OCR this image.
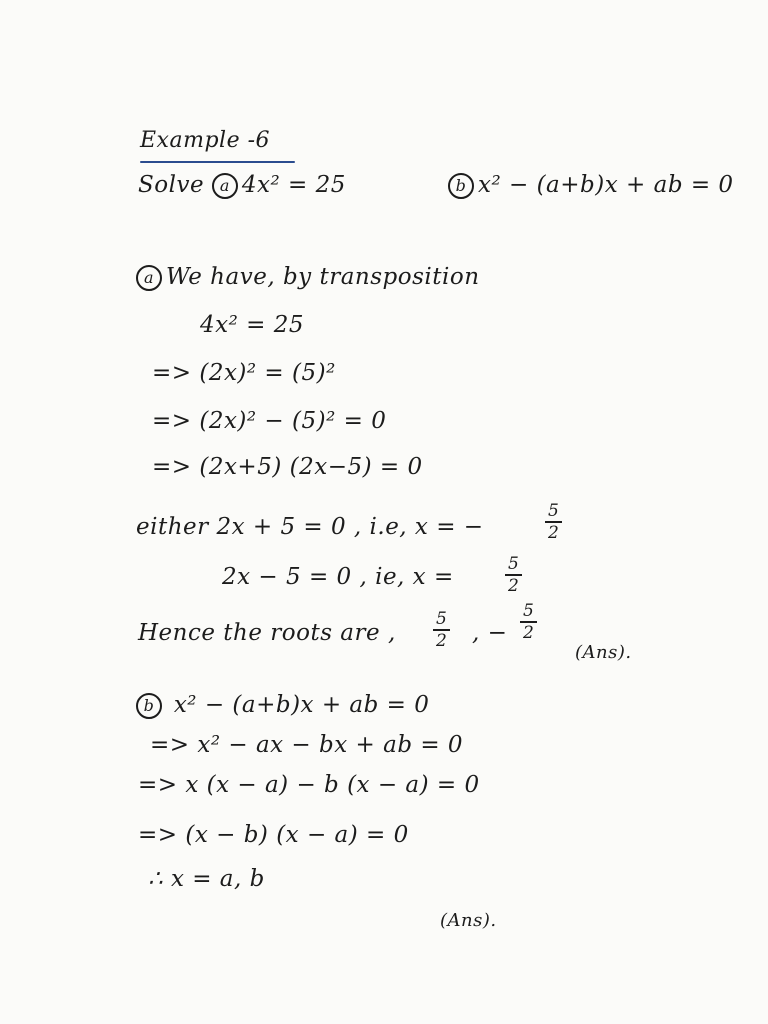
Example -6
Solve a 4x² = 25	b x² − (a+b)x + ab = 0
a We have, by transposition
4x² = 25
=> (2x)² = (5)²
=> (2x)² − (5)² = 0
=> (2x+5) (2x−5) = 0
either 2x + 5 = 0 , i.e, x = −
5
2
2x − 5 = 0 , ie, x =	5
2
Hence the roots are ,
5
2 , −
5
2
(Ans).
b x² − (a+b)x + ab = 0
=> x² − ax − bx + ab = 0
=> x (x − a) − b (x − a) = 0
=> (x − b) (x − a) = 0
∴ x = a, b
(Ans).
